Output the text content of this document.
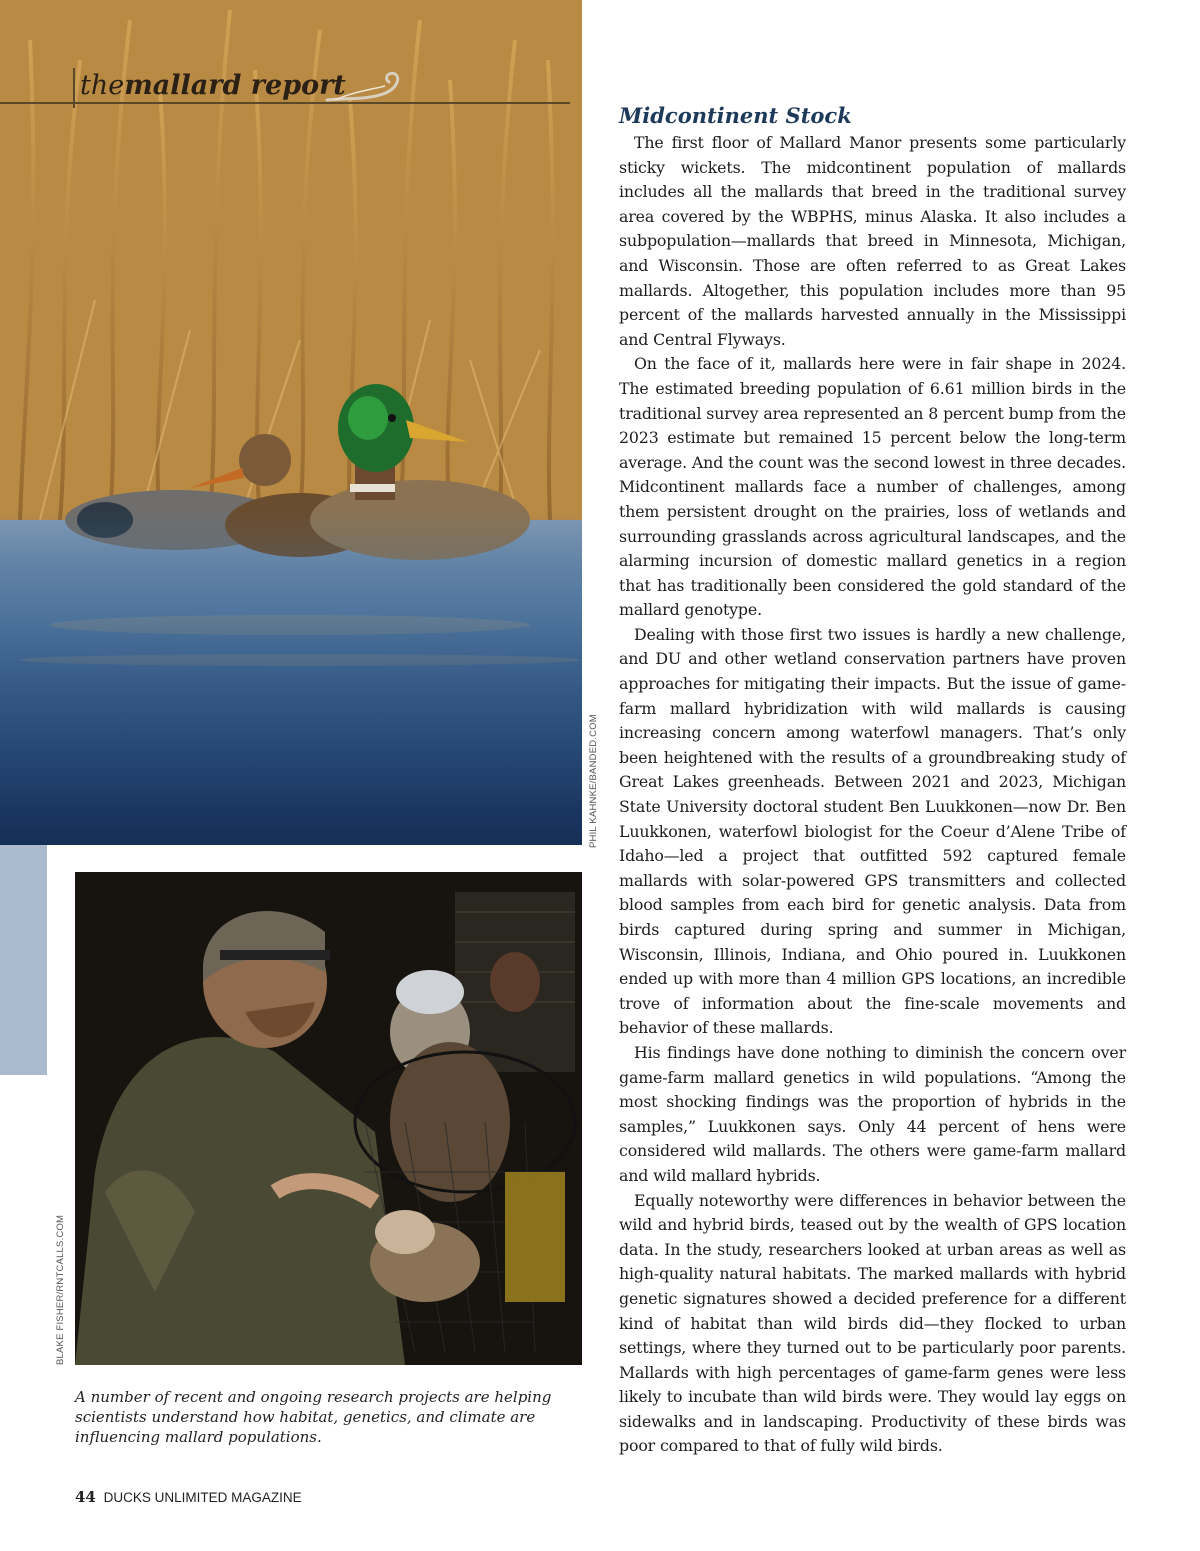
themallard report
PHIL KAHNKE/BANDED.COM
BLAKE FISHER/RNTCALLS.COM
A number of recent and ongoing research projects are helping scientists understand how habitat, genetics, and climate are influencing mallard populations.
44 DUCKS UNLIMITED MAGAZINE
Midcontinent Stock

The first floor of Mallard Manor presents some particularly sticky wickets. The midcontinent population of mallards includes all the mallards that breed in the traditional survey area covered by the WBPHS, minus Alaska. It also includes a subpopulation—mallards that breed in Minnesota, Michigan, and Wisconsin. Those are often referred to as Great Lakes mallards. Altogether, this population includes more than 95 percent of the mallards harvested annually in the Mississippi and Central Flyways.

On the face of it, mallards here were in fair shape in 2024. The estimated breeding population of 6.61 million birds in the traditional survey area represented an 8 percent bump from the 2023 estimate but remained 15 percent below the long-term average. And the count was the second lowest in three decades. Midcontinent mallards face a number of challenges, among them persistent drought on the prairies, loss of wetlands and surrounding grasslands across agricultural landscapes, and the alarming incursion of domestic mallard genetics in a region that has traditionally been considered the gold standard of the mallard genotype.

Dealing with those first two issues is hardly a new challenge, and DU and other wetland conservation partners have proven approaches for mitigating their impacts. But the issue of game-farm mallard hybridization with wild mallards is causing increasing concern among waterfowl managers. That’s only been heightened with the results of a groundbreaking study of Great Lakes greenheads. Between 2021 and 2023, Michigan State University doctoral student Ben Luukkonen—now Dr. Ben Luukkonen, waterfowl biologist for the Coeur d’Alene Tribe of Idaho—led a project that outfitted 592 captured female mallards with solar-powered GPS transmitters and collected blood samples from each bird for genetic analysis. Data from birds captured during spring and summer in Michigan, Wisconsin, Illinois, Indiana, and Ohio poured in. Luukkonen ended up with more than 4 million GPS locations, an incredible trove of information about the fine-scale movements and behavior of these mallards.

His findings have done nothing to diminish the concern over game-farm mallard genetics in wild populations. “Among the most shocking findings was the proportion of hybrids in the samples,” Luukkonen says. Only 44 percent of hens were considered wild mallards. The others were game-farm mallard and wild mallard hybrids.

Equally noteworthy were differences in behavior between the wild and hybrid birds, teased out by the wealth of GPS location data. In the study, researchers looked at urban areas as well as high-quality natural habitats. The marked mallards with hybrid genetic signatures showed a decided preference for a different kind of habitat than wild birds did—they flocked to urban settings, where they turned out to be particularly poor parents. Mallards with high percentages of game-farm genes were less likely to incubate than wild birds were. They would lay eggs on sidewalks and in landscaping. Productivity of these birds was poor compared to that of fully wild birds.
